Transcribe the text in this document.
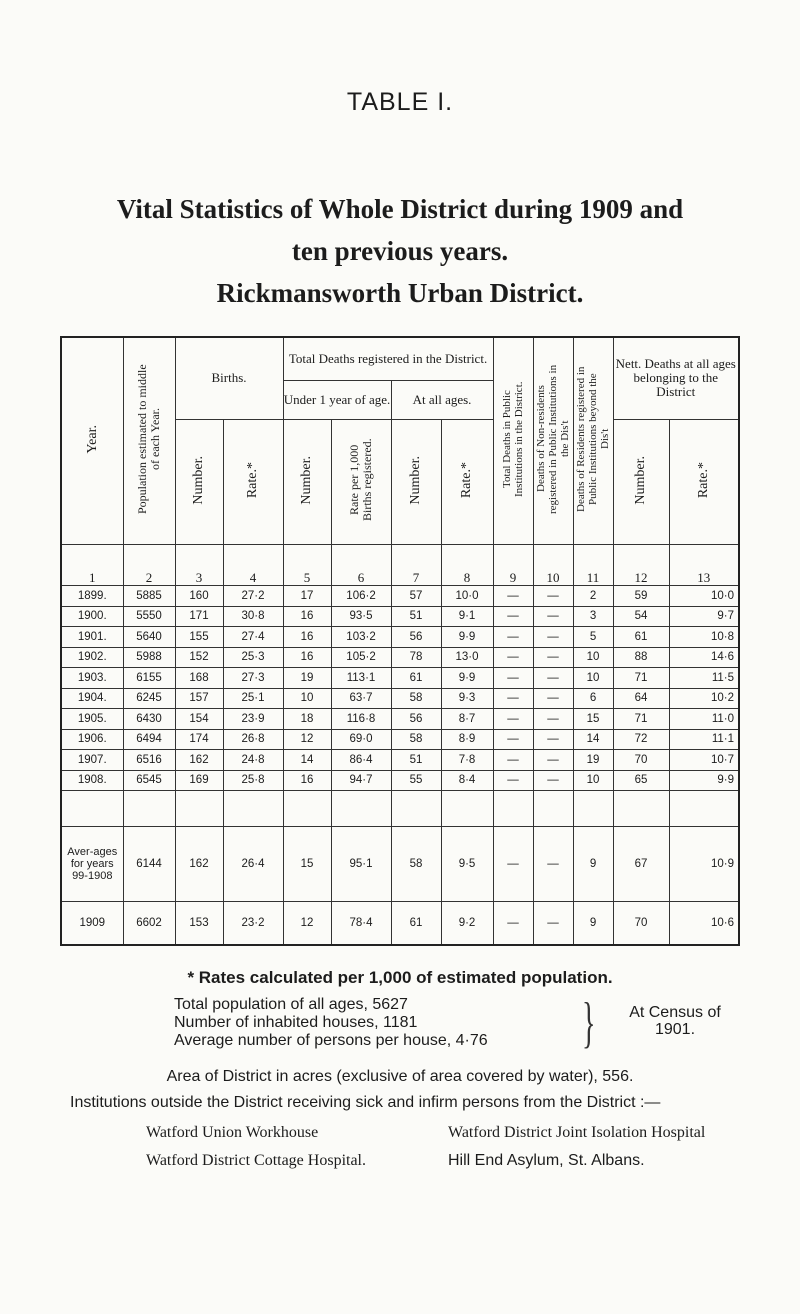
TABLE I.
Vital Statistics of Whole District during 1909 and
ten previous years.
Rickmansworth Urban District.
Year.	Population estimated to middle of each Year.	Births.		Total Deaths registered in the District.				Total Deaths in Public Institutions in the District.	Deaths of Non-residents registered in Public Institutions in the Dis't	Deaths of Residents registered in Public Institutions beyond the Dis't	Nett. Deaths at all ages belonging to the District	
				Under 1 year of age.		At all ages.						
		Number.	Rate.*	Number.	Rate per 1,000 Births registered.	Number.	Rate.*				Number.	Rate.*
1	2	3	4	5	6	7	8	9	10	11	12	13
1899.	5885	160	27·2	17	106·2	57	10·0	—	—	2	59	10·0
1900.	5550	171	30·8	16	93·5	51	9·1	—	—	3	54	9·7
1901.	5640	155	27·4	16	103·2	56	9·9	—	—	5	61	10·8
1902.	5988	152	25·3	16	105·2	78	13·0	—	—	10	88	14·6
1903.	6155	168	27·3	19	113·1	61	9·9	—	—	10	71	11·5
1904.	6245	157	25·1	10	63·7	58	9·3	—	—	6	64	10·2
1905.	6430	154	23·9	18	116·8	56	8·7	—	—	15	71	11·0
1906.	6494	174	26·8	12	69·0	58	8·9	—	—	14	72	11·1
1907.	6516	162	24·8	14	86·4	51	7·8	—	—	19	70	10·7
1908.	6545	169	25·8	16	94·7	55	8·4	—	—	10	65	9·9

Aver-ages for years 99-1908	6144	162	26·4	15	95·1	58	9·5	—	—	9	67	10·9
1909	6602	153	23·2	12	78·4	61	9·2	—	—	9	70	10·6

* Rates calculated per 1,000 of estimated population.

Total population of all ages, 5627

Number of inhabited houses, 1181

Average number of persons per house, 4·76 }	At Census of 1901.

Area of District in acres (exclusive of area covered by water), 556.

Institutions outside the District receiving sick and infirm persons from the District :—

Watford Union Workhouse	Watford District Joint Isolation Hospital

Watford District Cottage Hospital.	Hill End Asylum, St. Albans.
